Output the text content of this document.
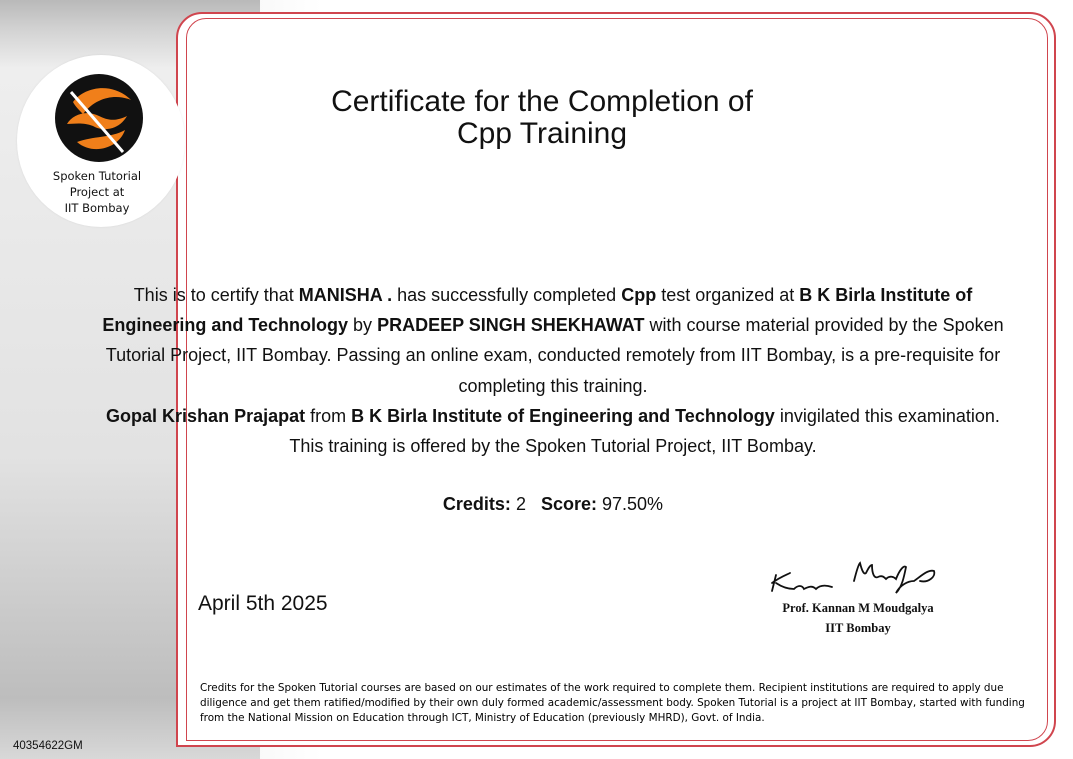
Spoken Tutorial
Project at
IIT Bombay
Certificate for the Completion of
Cpp Training
This is to certify that MANISHA . has successfully completed Cpp test organized at B K Birla Institute of Engineering and Technology by PRADEEP SINGH SHEKHAWAT with course material provided by the Spoken Tutorial Project, IIT Bombay. Passing an online exam, conducted remotely from IIT Bombay, is a pre-requisite for completing this training.
Gopal Krishan Prajapat from B K Birla Institute of Engineering and Technology invigilated this examination. This training is offered by the Spoken Tutorial Project, IIT Bombay.
Credits: 2 Score: 97.50%
April 5th 2025	Prof. Kannan M Moudgalya
IIT Bombay
Credits for the Spoken Tutorial courses are based on our estimates of the work required to complete them. Recipient institutions are required to apply due diligence and get them ratified/modified by their own duly formed academic/assessment body. Spoken Tutorial is a project at IIT Bombay, started with funding from the National Mission on Education through ICT, Ministry of Education (previously MHRD), Govt. of India.
40354622GM
